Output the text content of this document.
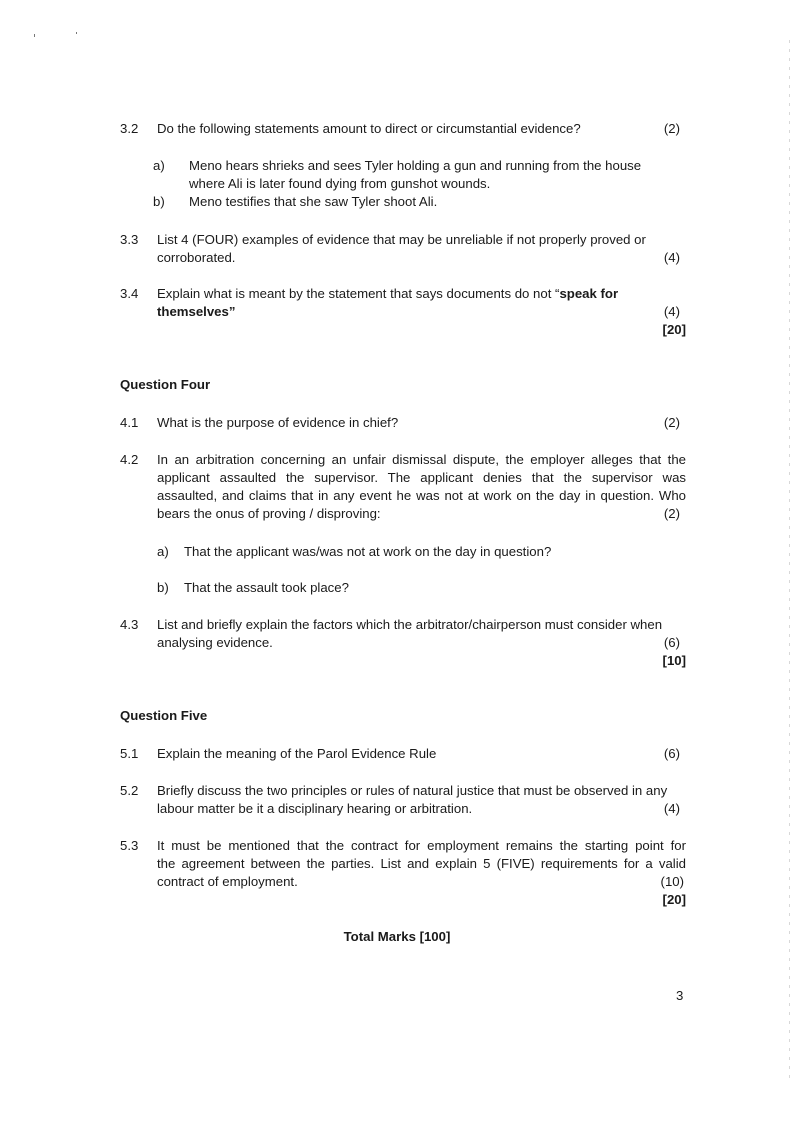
3.2	Do the following statements amount to direct or circumstantial evidence?	(2)
a)	Meno hears shrieks and sees Tyler holding a gun and running from the house
where Ali is later found dying from gunshot wounds.
b)	Meno testifies that she saw Tyler shoot Ali.
3.3	List 4 (FOUR) examples of evidence that may be unreliable if not properly proved or
corroborated.	(4)
3.4	Explain what is meant by the statement that says documents do not “speak for
themselves”	(4)
[20]
Question Four
4.1	What is the purpose of evidence in chief?	(2)
4.2	In an arbitration concerning an unfair dismissal dispute, the employer alleges that the
applicant assaulted the supervisor. The applicant denies that the supervisor was
assaulted, and claims that in any event he was not at work on the day in question. Who
bears the onus of proving / disproving:	(2)
a)	That the applicant was/was not at work on the day in question?
b)	That the assault took place?
4.3	List and briefly explain the factors which the arbitrator/chairperson must consider when
analysing evidence.	(6)
[10]
Question Five
5.1	Explain the meaning of the Parol Evidence Rule	(6)
5.2	Briefly discuss the two principles or rules of natural justice that must be observed in any
labour matter be it a disciplinary hearing or arbitration.	(4)
5.3	It must be mentioned that the contract for employment remains the starting point for
the agreement between the parties. List and explain 5 (FIVE) requirements for a valid
contract of employment.	(10)
[20]
Total Marks [100]
3
